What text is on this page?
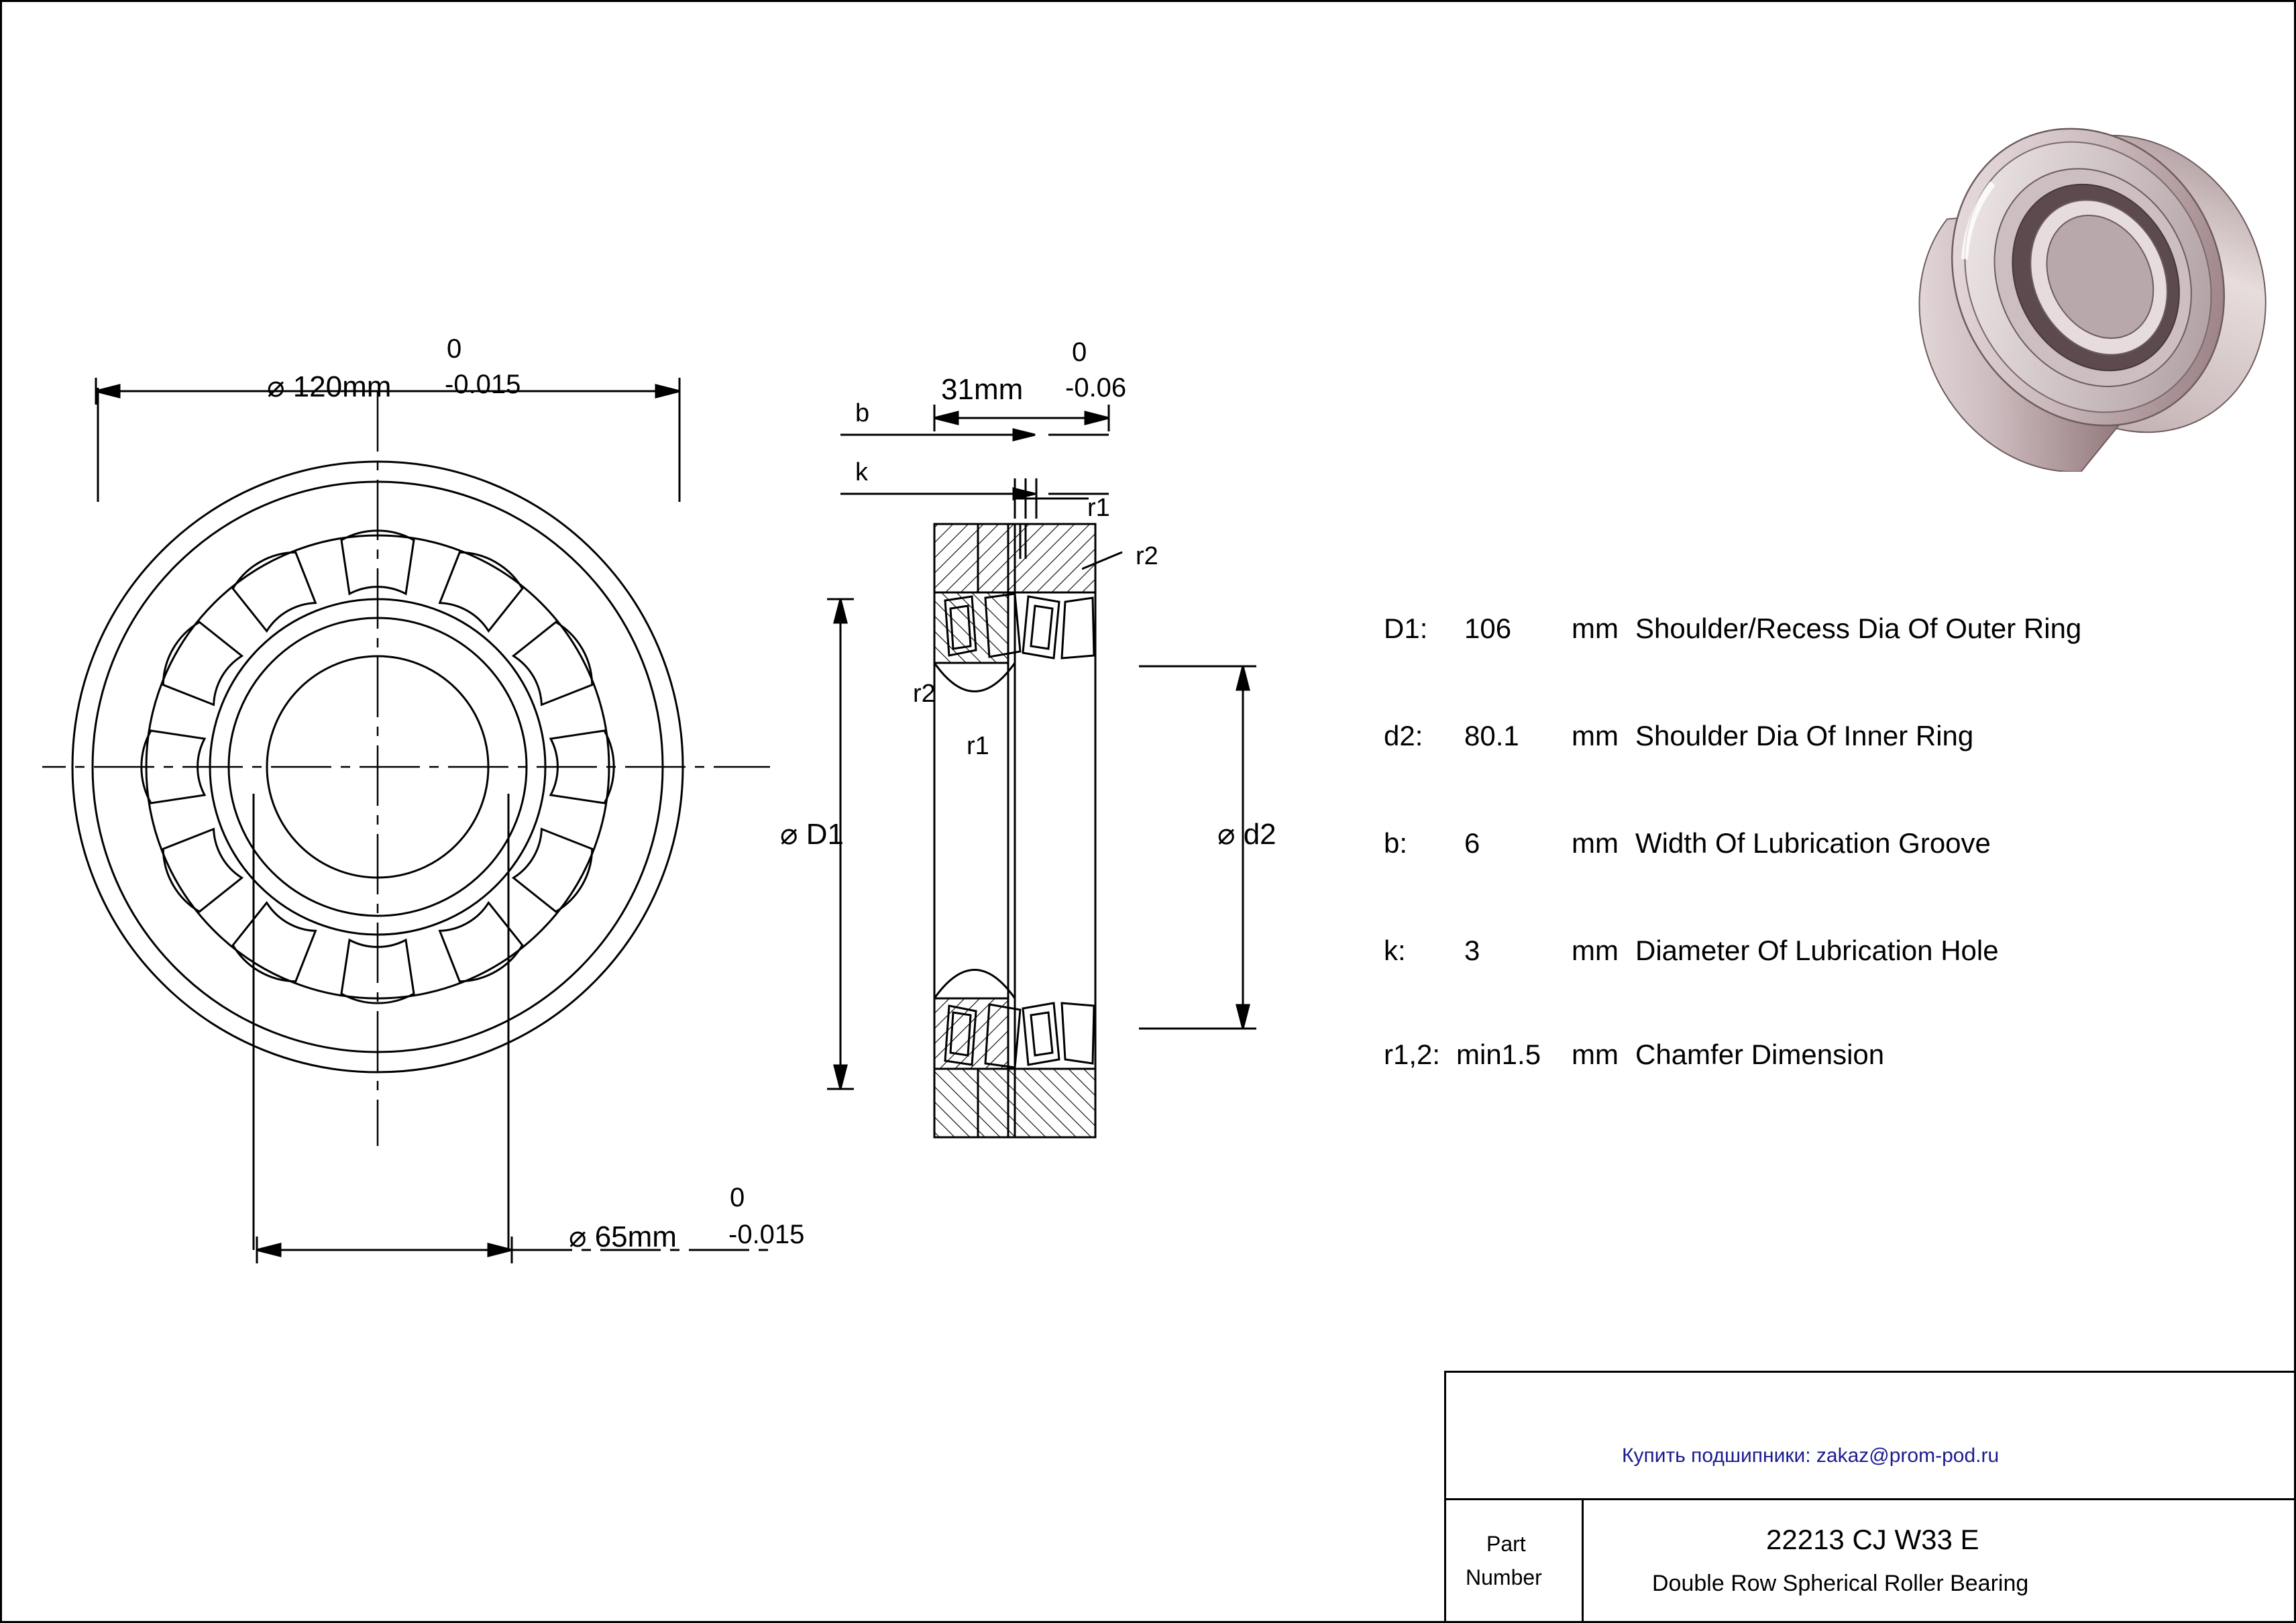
0
⌀ 120mm -0.015
0
⌀ 65mm -0.015
0
31mm -0.06
b
k
r1
r2
r2
r1
⌀ D1	⌀ d2
D1: 106 mm Shoulder/Recess Dia Of Outer Ring
d2: 80.1 mm Shoulder Dia Of Inner Ring
b: 6	mm Width Of Lubrication Groove
k: 3	mm Diameter Of Lubrication Hole
r1,2: min1.5 mm Chamfer Dimension
Купить подшипники: zakaz@prom-pod.ru
Part
Number
22213 CJ W33 E
Double Row Spherical Roller Bearing
